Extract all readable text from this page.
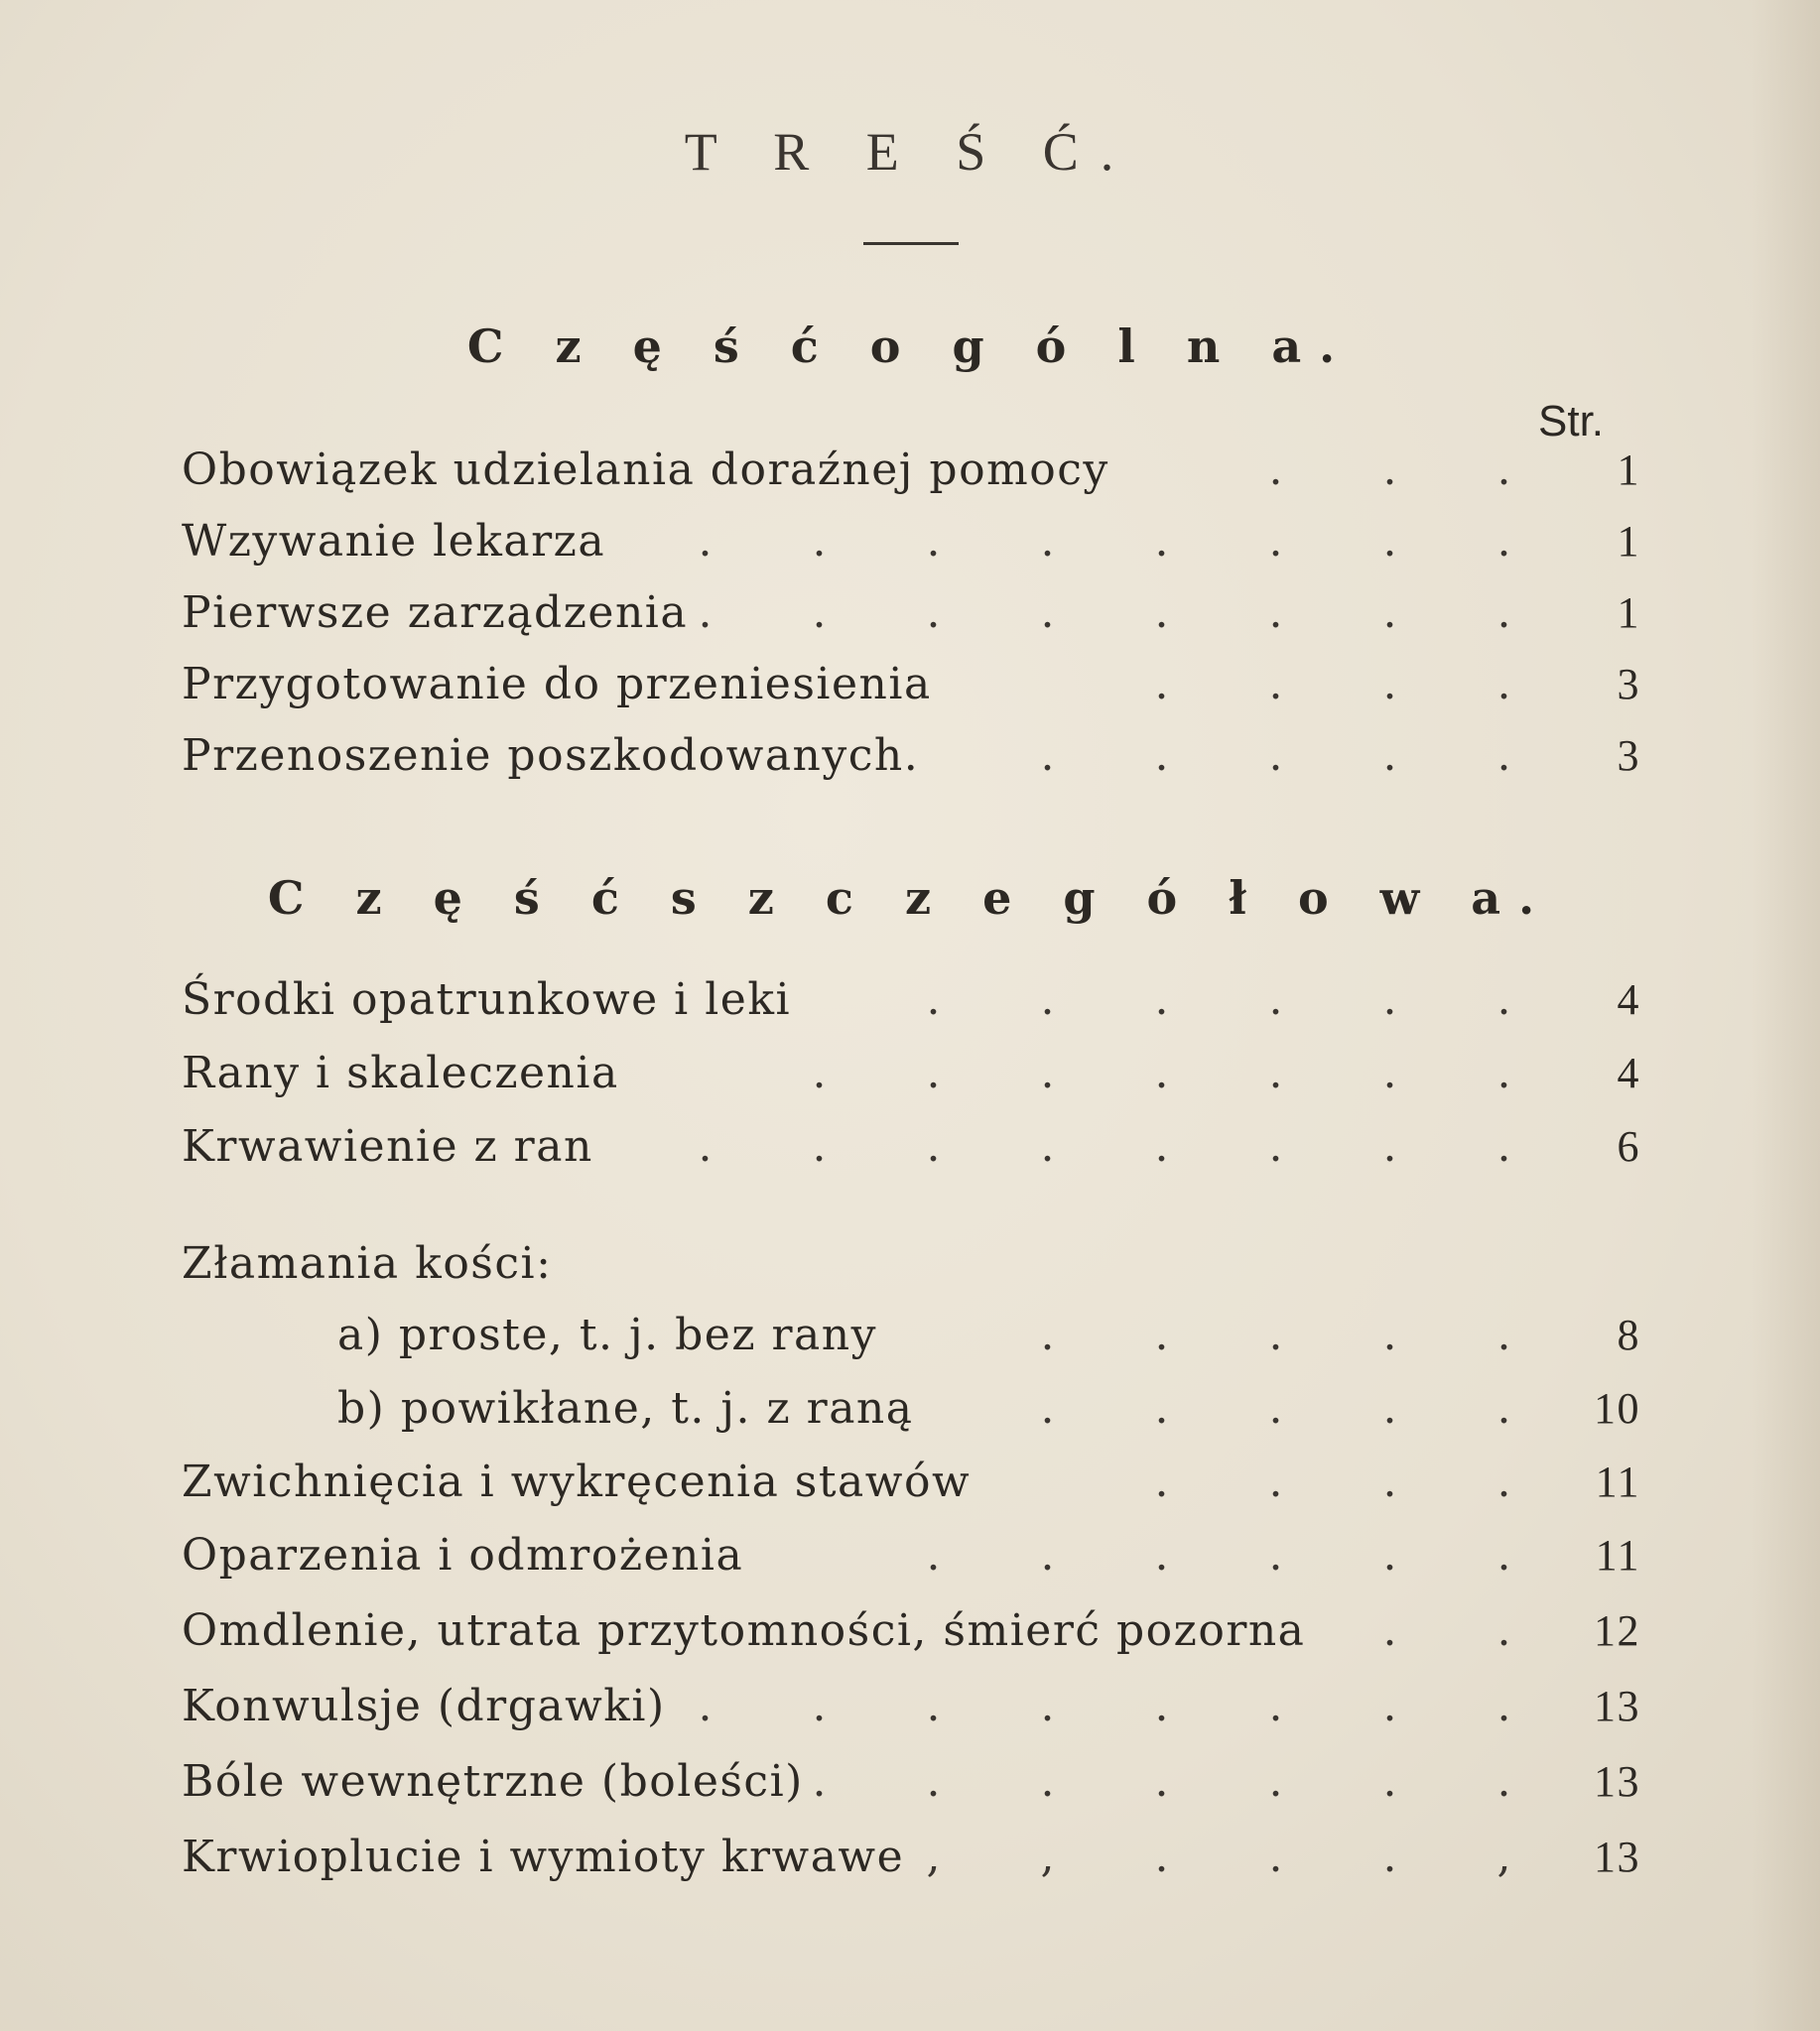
T R E Ś Ć.
C z ę ś ć o g ó l n a.
Str.
Obowiązek udzielania doraźnej pomocy	. . .	1
Wzywanie lekarza	. . . . . . . .	1
Pierwsze zarządzenia . . . . . . . .	1
Przygotowanie do przeniesienia	. . . .	3
Przenoszenie poszkodowanych.	. . . . .	3
C z ę ś ć s z c z e g ó ł o w a.
Środki opatrunkowe i leki	. . . . . .	4
Rany i skaleczenia	. . . . . . .	4
Krwawienie z ran	. . . . . . . .	6
Złamania kości:
a) proste, t. j. bez rany	. . . . .	8
b) powikłane, t. j. z raną	. . . . .	10
Zwichnięcia i wykręcenia stawów	. . . .	11
Oparzenia i odmrożenia	. . . . . .	11
Omdlenie, utrata przytomności, śmierć pozorna	. .	12
Konwulsje (drgawki) . . . . . . . .	13
Bóle wewnętrzne (boleści) . . . . . . .	13
Krwioplucie i wymioty krwawe , , . . . ,	13
